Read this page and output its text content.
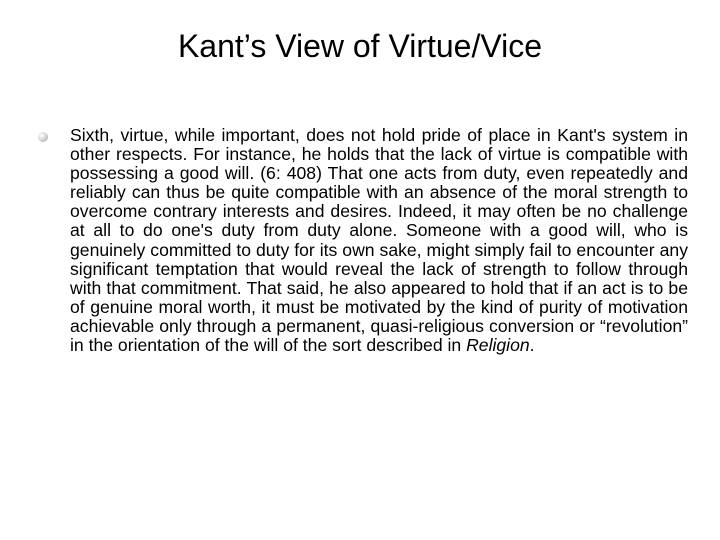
Kant’s View of Virtue/Vice
Sixth, virtue, while important, does not hold pride of place in Kant's system in other respects. For instance, he holds that the lack of virtue is compatible with possessing a good will. (6: 408) That one acts from duty, even repeatedly and reliably can thus be quite compatible with an absence of the moral strength to overcome contrary interests and desires. Indeed, it may often be no challenge at all to do one's duty from duty alone. Someone with a good will, who is genuinely committed to duty for its own sake, might simply fail to encounter any significant temptation that would reveal the lack of strength to follow through with that commitment. That said, he also appeared to hold that if an act is to be of genuine moral worth, it must be motivated by the kind of purity of motivation achievable only through a permanent, quasi-religious conversion or “revolution” in the orientation of the will of the sort described in Religion.
